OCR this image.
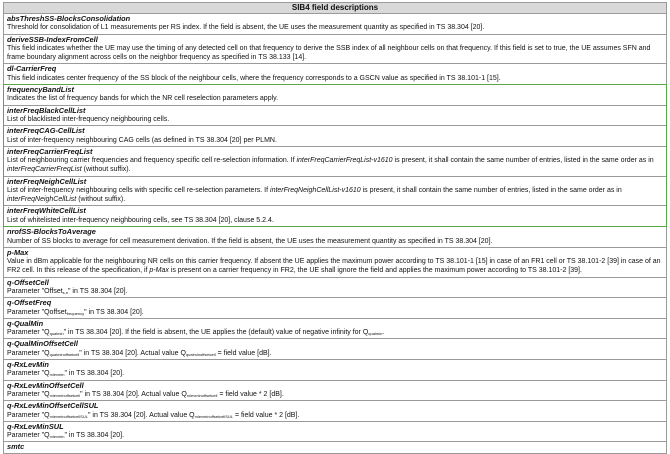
SIB4 field descriptions
absThreshSS-BlocksConsolidation
Threshold for consolidation of L1 measurements per RS index. If the field is absent, the UE uses the measurement quantity as specified in TS 38.304 [20].
deriveSSB-IndexFromCell
This field indicates whether the UE may use the timing of any detected cell on that frequency to derive the SSB index of all neighbour cells on that frequency. If this field is set to true, the UE assumes SFN and frame boundary alignment across cells on the neighbor frequency as specified in TS 38.133 [14].
dl-CarrierFreq
This field indicates center frequency of the SS block of the neighbour cells, where the frequency corresponds to a GSCN value as specified in TS 38.101-1 [15].
frequencyBandList
Indicates the list of frequency bands for which the NR cell reselection parameters apply.
interFreqBlackCellList
List of blacklisted inter-frequency neighbouring cells.
interFreqCAG-CellList
List of inter-frequency neighbouring CAG cells (as defined in TS 38.304 [20] per PLMN.
interFreqCarrierFreqList
List of neighbouring carrier frequencies and frequency specific cell re-selection information. If interFreqCarrierFreqList-v1610 is present, it shall contain the same number of entries, listed in the same order as in interFreqCarrierFreqList (without suffix).
interFreqNeighCellList
List of inter-frequency neighbouring cells with specific cell re-selection parameters. If interFreqNeighCellList-v1610 is present, it shall contain the same number of entries, listed in the same order as in interFreqNeighCellList (without suffix).
interFreqWhiteCellList
List of whitelisted inter-frequency neighbouring cells, see TS 38.304 [20], clause 5.2.4.
nrofSS-BlocksToAverage
Number of SS blocks to average for cell measurement derivation. If the field is absent, the UE uses the measurement quantity as specified in TS 38.304 [20].
p-Max
Value in dBm applicable for the neighbouring NR cells on this carrier frequency. If absent the UE applies the maximum power according to TS 38.101-1 [15] in case of an FR1 cell or TS 38.101-2 [39] in case of an FR2 cell. In this release of the specification, if p-Max is present on a carrier frequency in FR2, the UE shall ignore the field and applies the maximum power according to TS 38.101-2 [39].
q-OffsetCell
Parameter "Offset$_{s,n}$" in TS 38.304 [20].
q-OffsetFreq
Parameter "Qoffset$_{frequency}$" in TS 38.304 [20].
q-QualMin
Parameter "$Q_{qualmin}$" in TS 38.304 [20]. If the field is absent, the UE applies the (default) value of negative infinity for $Q_{qualmin}$.
q-QualMinOffsetCell
Parameter "$Q_{qualminoffsetcell}$" in TS 38.304 [20]. Actual value $Q_{qualminoffsetcell}$ = field value [dB].
q-RxLevMin
Parameter "$Q_{rxlevmin}$" in TS 38.304 [20].
q-RxLevMinOffsetCell
Parameter "$Q_{rxlevminoffsetcell}$" in TS 38.304 [20]. Actual value $Q_{rxlevminoffsetcell}$ = field value * 2 [dB].
q-RxLevMinOffsetCellSUL
Parameter "$Q_{rxlevminoffsetcellSUL}$" in TS 38.304 [20]. Actual value $Q_{rxlevminoffsetcellSUL}$ = field value * 2 [dB].
q-RxLevMinSUL
Parameter "$Q_{rxlevmin}$" in TS 38.304 [20].
smtc
